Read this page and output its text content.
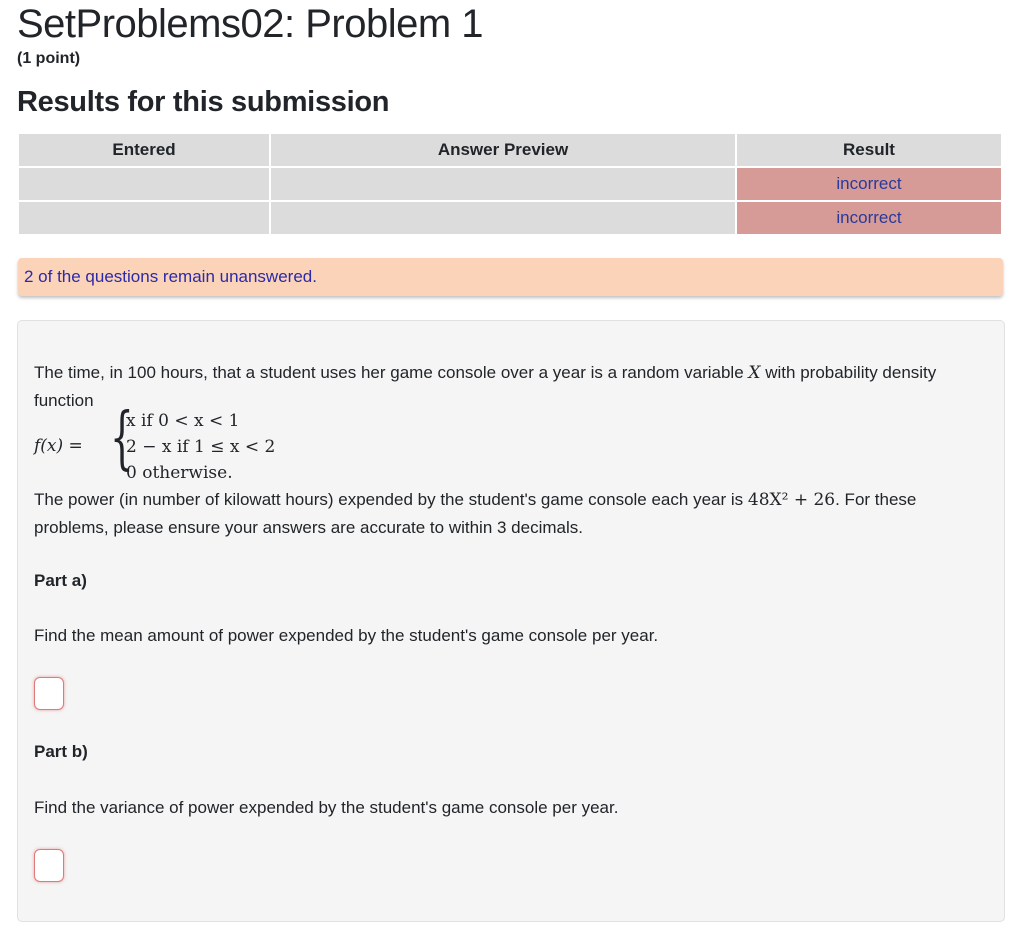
SetProblems02: Problem 1
(1 point)
Results for this submission
Entered	Answer Preview	Result
		incorrect
		incorrect
2 of the questions remain unanswered.
The time, in 100 hours, that a student uses her game console over a year is a random variable X with probability density function
f(x) = {
x if 0 < x < 1
2 − x if 1 ≤ x < 2
0 otherwise.
The power (in number of kilowatt hours) expended by the student's game console each year is 48X² + 26. For these problems, please ensure your answers are accurate to within 3 decimals.
Part a)
Find the mean amount of power expended by the student's game console per year.
Part b)
Find the variance of power expended by the student's game console per year.
